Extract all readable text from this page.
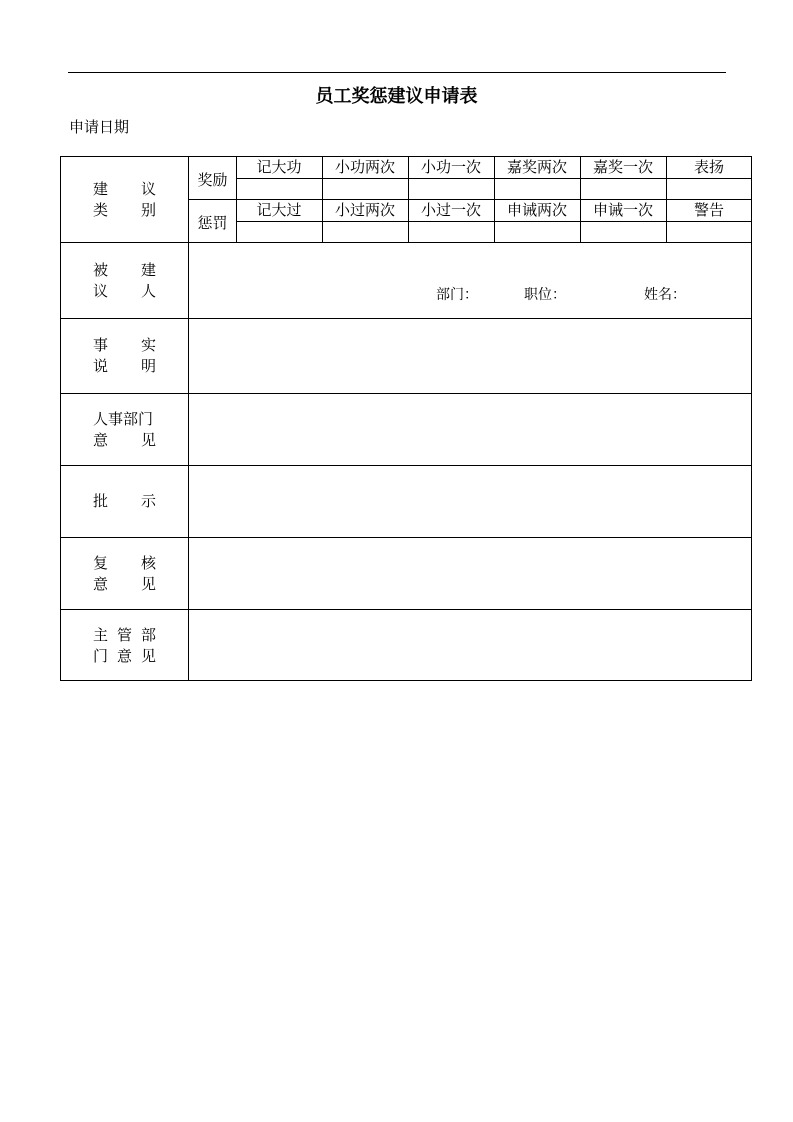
员工奖惩建议申请表
申请日期
建 议
类 别
奖励
惩罚
记大功	小功两次	小功一次	嘉奖两次	嘉奖一次	表扬
记大过	小过两次	小过一次	申诫两次	申诫一次	警告
被 建
议 人	部门：	职位：	姓名：
事 实
说 明
人事部门
意 见
批 示
复 核
意 见
主 管 部
门 意 见
